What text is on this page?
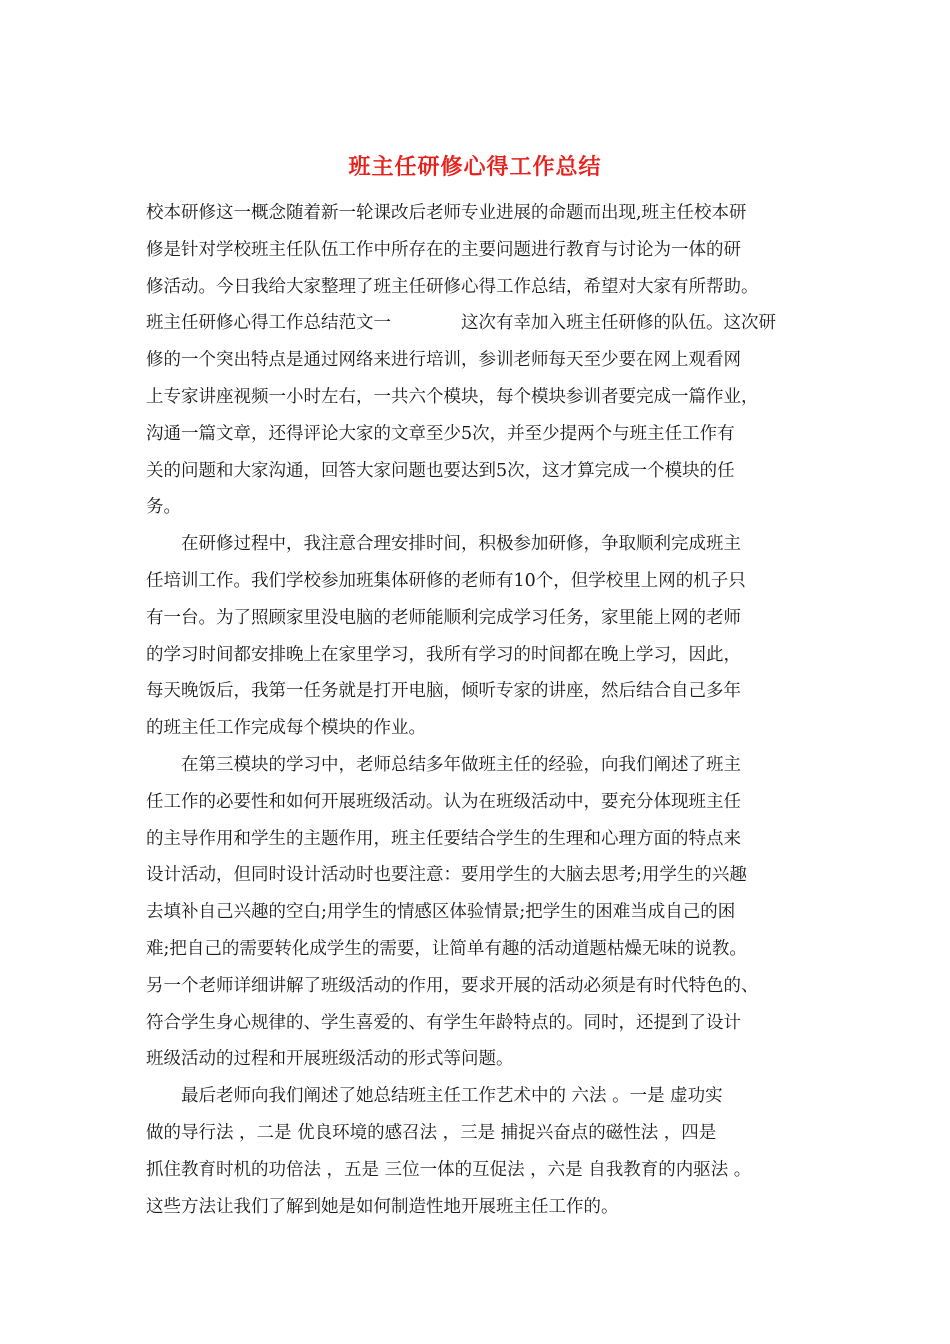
班主任研修心得工作总结
校本研修这一概念随着新一轮课改后老师专业进展的命题而出现,班主任校本研
修是针对学校班主任队伍工作中所存在的主要问题进行教育与讨论为一体的研
修活动。今日我给大家整理了班主任研修心得工作总结，希望对大家有所帮助。
班主任研修心得工作总结范文一	这次有幸加入班主任研修的队伍。这次研
修的一个突出特点是通过网络来进行培训，参训老师每天至少要在网上观看网
上专家讲座视频一小时左右，一共六个模块，每个模块参训者要完成一篇作业，
沟通一篇文章，还得评论大家的文章至少5次，并至少提两个与班主任工作有
关的问题和大家沟通，回答大家问题也要达到5次，这才算完成一个模块的任
务。
　　在研修过程中，我注意合理安排时间，积极参加研修，争取顺利完成班主
任培训工作。我们学校参加班集体研修的老师有10个，但学校里上网的机子只
有一台。为了照顾家里没电脑的老师能顺利完成学习任务，家里能上网的老师
的学习时间都安排晚上在家里学习，我所有学习的时间都在晚上学习，因此，
每天晚饭后，我第一任务就是打开电脑，倾听专家的讲座，然后结合自己多年
的班主任工作完成每个模块的作业。
　　在第三模块的学习中，老师总结多年做班主任的经验，向我们阐述了班主
任工作的必要性和如何开展班级活动。认为在班级活动中，要充分体现班主任
的主导作用和学生的主题作用，班主任要结合学生的生理和心理方面的特点来
设计活动，但同时设计活动时也要注意：要用学生的大脑去思考;用学生的兴趣
去填补自己兴趣的空白;用学生的情感区体验情景;把学生的困难当成自己的困
难;把自己的需要转化成学生的需要，让简单有趣的活动道题枯燥无味的说教。
另一个老师详细讲解了班级活动的作用，要求开展的活动必须是有时代特色的、
符合学生身心规律的、学生喜爱的、有学生年龄特点的。同时，还提到了设计
班级活动的过程和开展班级活动的形式等问题。
　　最后老师向我们阐述了她总结班主任工作艺术中的 六法 。一是 虚功实
做的导行法 ，二是 优良环境的感召法 ，三是 捕捉兴奋点的磁性法 ，四是
抓住教育时机的功倍法 ，五是 三位一体的互促法 ，六是 自我教育的内驱法 。
这些方法让我们了解到她是如何制造性地开展班主任工作的。
